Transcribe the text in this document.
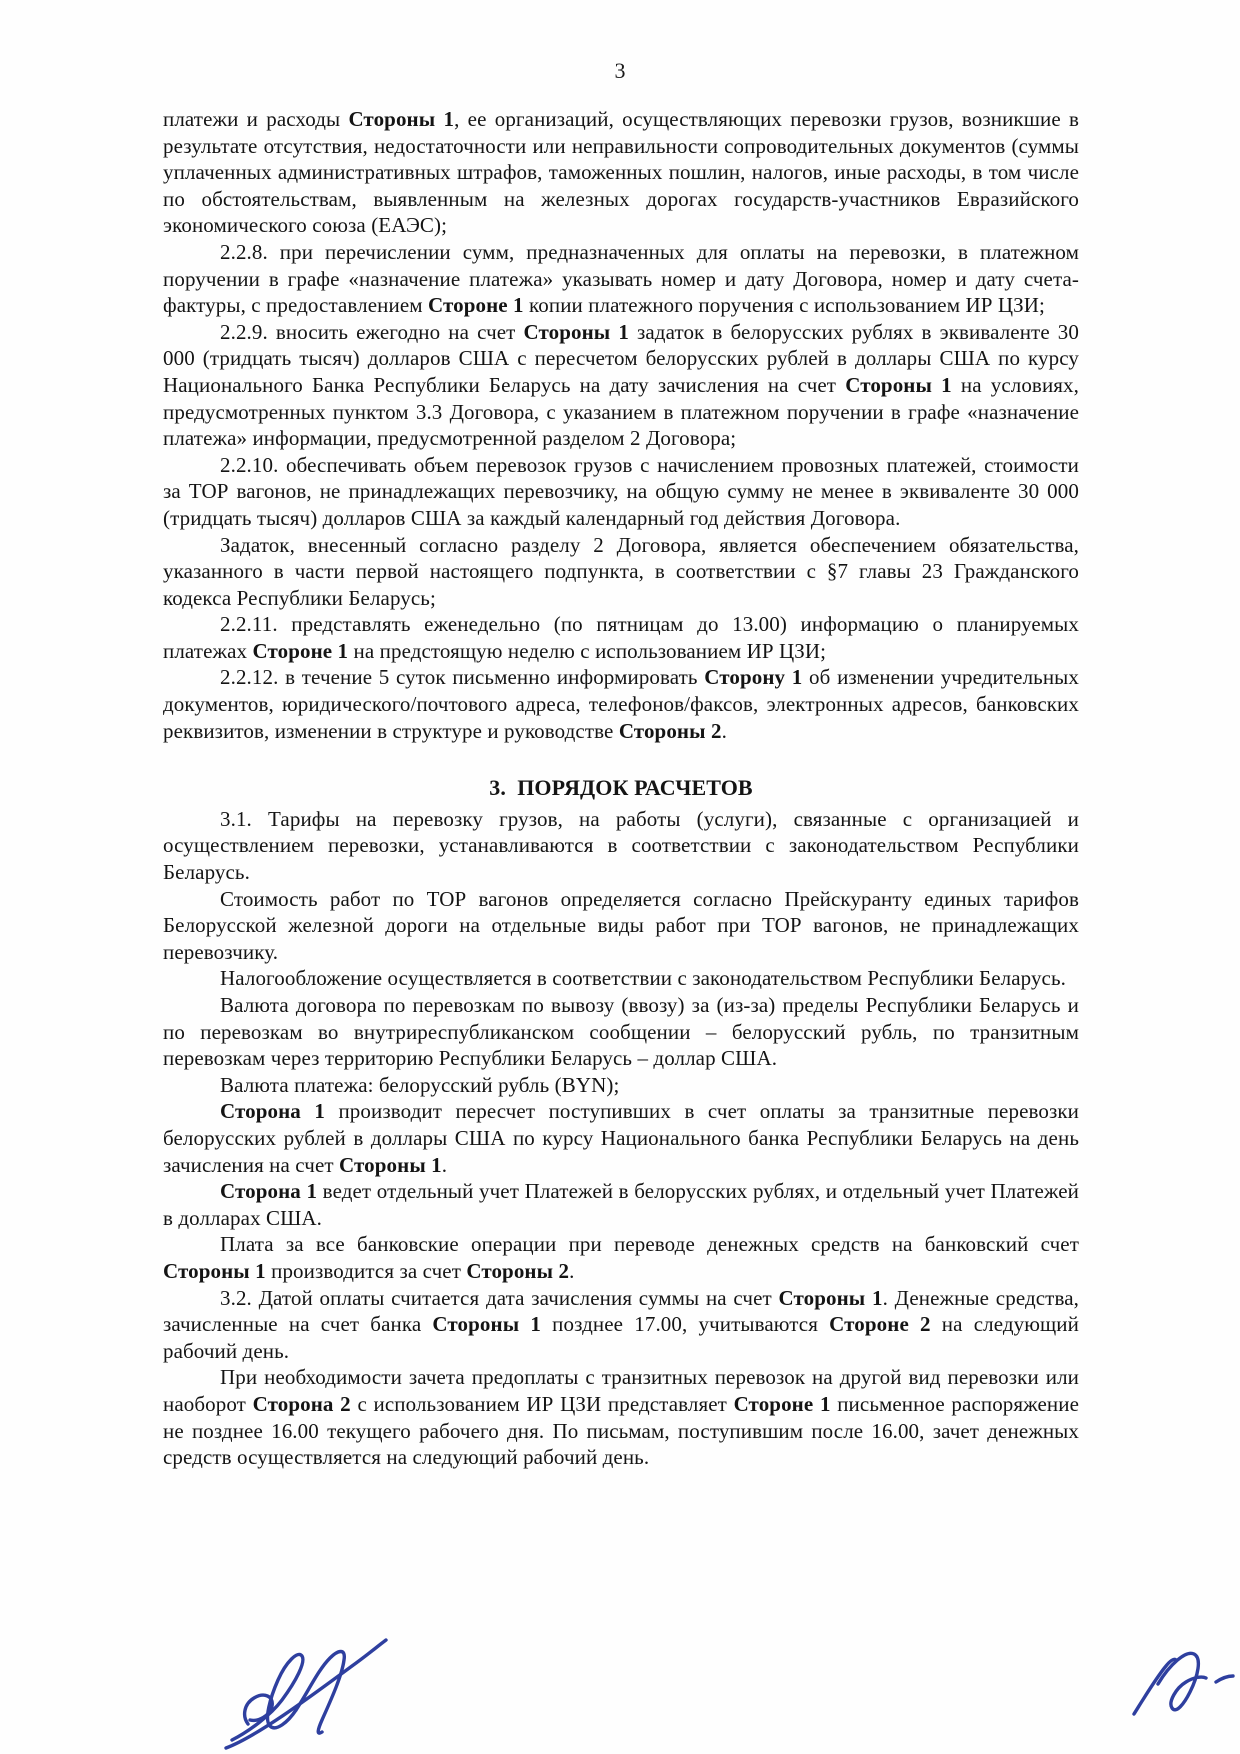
3

платежи и расходы Стороны 1, ее организаций, осуществляющих перевозки грузов, возникшие в результате отсутствия, недостаточности или неправильности сопроводительных документов (суммы уплаченных административных штрафов, таможенных пошлин, налогов, иные расходы, в том числе по обстоятельствам, выявленным на железных дорогах государств-участников Евразийского экономического союза (ЕАЭС);

2.2.8. при перечислении сумм, предназначенных для оплаты на перевозки, в платежном поручении в графе «назначение платежа» указывать номер и дату Договора, номер и дату счета-фактуры, с предоставлением Стороне 1 копии платежного поручения с использованием ИР ЦЗИ;

2.2.9. вносить ежегодно на счет Стороны 1 задаток в белорусских рублях в эквиваленте 30 000 (тридцать тысяч) долларов США с пересчетом белорусских рублей в доллары США по курсу Национального Банка Республики Беларусь на дату зачисления на счет Стороны 1 на условиях, предусмотренных пунктом 3.3 Договора, с указанием в платежном поручении в графе «назначение платежа» информации, предусмотренной разделом 2 Договора;

2.2.10. обеспечивать объем перевозок грузов с начислением провозных платежей, стоимости за ТОР вагонов, не принадлежащих перевозчику, на общую сумму не менее в эквиваленте 30 000 (тридцать тысяч) долларов США за каждый календарный год действия Договора.

Задаток, внесенный согласно разделу 2 Договора, является обеспечением обязательства, указанного в части первой настоящего подпункта, в соответствии с §7 главы 23 Гражданского кодекса Республики Беларусь;

2.2.11. представлять еженедельно (по пятницам до 13.00) информацию о планируемых платежах Стороне 1 на предстоящую неделю с использованием ИР ЦЗИ;

2.2.12. в течение 5 суток письменно информировать Сторону 1 об изменении учредительных документов, юридического/почтового адреса, телефонов/факсов, электронных адресов, банковских реквизитов, изменении в структуре и руководстве Стороны 2.

3.  ПОРЯДОК РАСЧЕТОВ

3.1. Тарифы на перевозку грузов, на работы (услуги), связанные с организацией и осуществлением перевозки, устанавливаются в соответствии с законодательством Республики Беларусь.

Стоимость работ по ТОР вагонов определяется согласно Прейскуранту единых тарифов Белорусской железной дороги на отдельные виды работ при ТОР вагонов, не принадлежащих перевозчику.

Налогообложение осуществляется в соответствии с законодательством Республики Беларусь.

Валюта договора по перевозкам по вывозу (ввозу) за (из-за) пределы Республики Беларусь и по перевозкам во внутриреспубликанском сообщении – белорусский рубль, по транзитным перевозкам через территорию Республики Беларусь – доллар США.

Валюта платежа: белорусский рубль (BYN);

Сторона 1 производит пересчет поступивших в счет оплаты за транзитные перевозки белорусских рублей в доллары США по курсу Национального банка Республики Беларусь на день зачисления на счет Стороны 1.

Сторона 1 ведет отдельный учет Платежей в белорусских рублях, и отдельный учет Платежей в долларах США.

Плата за все банковские операции при переводе денежных средств на банковский счет Стороны 1 производится за счет Стороны 2.

3.2. Датой оплаты считается дата зачисления суммы на счет Стороны 1. Денежные средства, зачисленные на счет банка Стороны 1 позднее 17.00, учитываются Стороне 2 на следующий рабочий день.

При необходимости зачета предоплаты с транзитных перевозок на другой вид перевозки или наоборот Сторона 2 с использованием ИР ЦЗИ представляет Стороне 1 письменное распоряжение не позднее 16.00 текущего рабочего дня. По письмам, поступившим после 16.00, зачет денежных средств осуществляется на следующий рабочий день.
